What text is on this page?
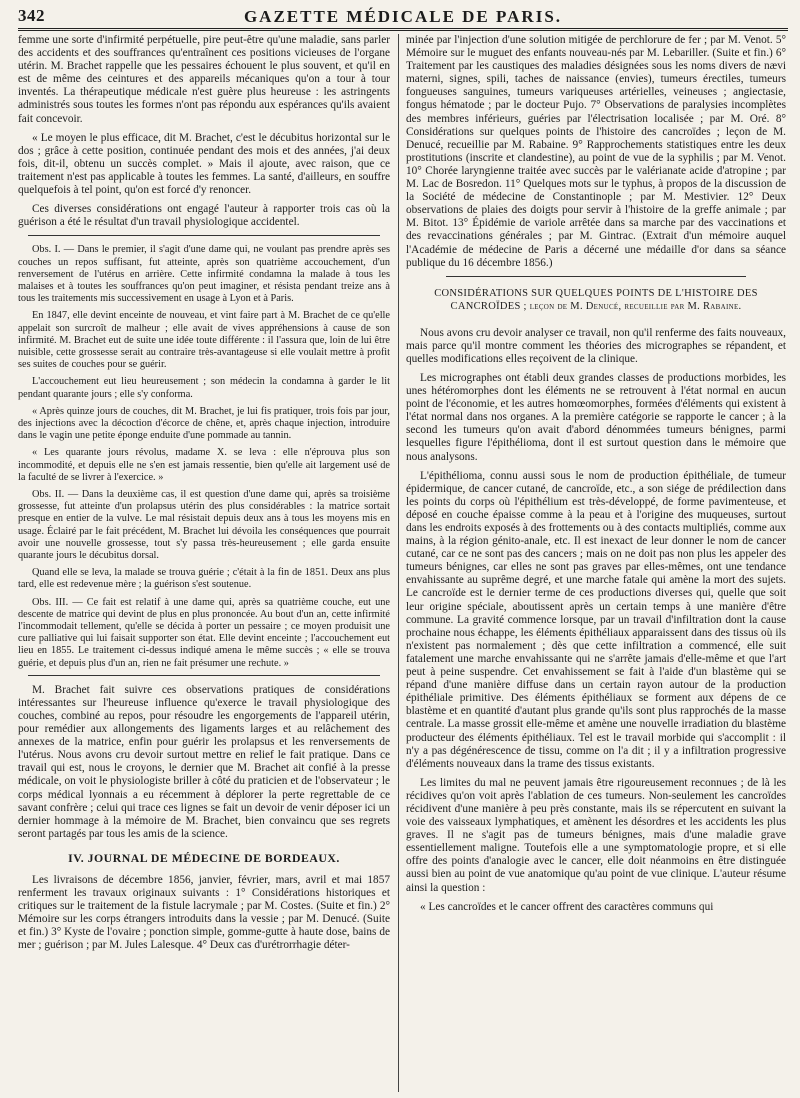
342	GAZETTE MÉDICALE DE PARIS.

femme une sorte d'infirmité perpétuelle, pire peut-être qu'une maladie, sans parler des accidents et des souffrances qu'entraînent ces positions vicieuses de l'organe utérin. M. Brachet rappelle que les pessaires échouent le plus souvent, et qu'il en est de même des ceintures et des appareils mécaniques qu'on a tour à tour inventés. La thérapeutique médicale n'est guère plus heureuse : les astringents administrés sous toutes les formes n'ont pas répondu aux espérances qu'ils avaient fait concevoir.

« Le moyen le plus efficace, dit M. Brachet, c'est le décubitus horizontal sur le dos ; grâce à cette position, continuée pendant des mois et des années, j'ai deux fois, dit-il, obtenu un succès complet. » Mais il ajoute, avec raison, que ce traitement n'est pas applicable à toutes les femmes. La santé, d'ailleurs, en souffre quelquefois à tel point, qu'on est forcé d'y renoncer.

Ces diverses considérations ont engagé l'auteur à rapporter trois cas où la guérison a été le résultat d'un travail physiologique accidentel.

Obs. I. — Dans le premier, il s'agit d'une dame qui, ne voulant pas prendre après ses couches un repos suffisant, fut atteinte, après son quatrième accouchement, d'un renversement de l'utérus en arrière. Cette infirmité condamna la malade à tous les malaises et à toutes les souffrances qu'on peut imaginer, et résista pendant treize ans à tous les traitements mis successivement en usage à Lyon et à Paris.

En 1847, elle devint enceinte de nouveau, et vint faire part à M. Brachet de ce qu'elle appelait son surcroît de malheur ; elle avait de vives appréhensions à cause de son infirmité. M. Brachet eut de suite une idée toute différente : il l'assura que, loin de lui être nuisible, cette grossesse serait au contraire très-avantageuse si elle voulait mettre à profit ses suites de couches pour se guérir.

L'accouchement eut lieu heureusement ; son médecin la condamna à garder le lit pendant quarante jours ; elle s'y conforma.

« Après quinze jours de couches, dit M. Brachet, je lui fis pratiquer, trois fois par jour, des injections avec la décoction d'écorce de chêne, et, après chaque injection, introduire dans le vagin une petite éponge enduite d'une pommade au tannin.

« Les quarante jours révolus, madame X. se leva : elle n'éprouva plus son incommodité, et depuis elle ne s'en est jamais ressentie, bien qu'elle ait largement usé de la faculté de se livrer à l'exercice. »

Obs. II. — Dans la deuxième cas, il est question d'une dame qui, après sa troisième grossesse, fut atteinte d'un prolapsus utérin des plus considérables : la matrice sortait presque en entier de la vulve. Le mal résistait depuis deux ans à tous les moyens mis en usage. Éclairé par le fait précédent, M. Brachet lui dévoila les conséquences que pourrait avoir une nouvelle grossesse, tout s'y passa très-heureusement ; elle garda ensuite quarante jours le décubitus dorsal.

Quand elle se leva, la malade se trouva guérie ; c'était à la fin de 1851. Deux ans plus tard, elle est redevenue mère ; la guérison s'est soutenue.

Obs. III. — Ce fait est relatif à une dame qui, après sa quatrième couche, eut une descente de matrice qui devint de plus en plus prononcée. Au bout d'un an, cette infirmité l'incommodait tellement, qu'elle se décida à porter un pessaire ; ce moyen produisit une cure palliative qui lui faisait supporter son état. Elle devint enceinte ; l'accouchement eut lieu en 1855. Le traitement ci-dessus indiqué amena le même succès ; « elle se trouva guérie, et depuis plus d'un an, rien ne fait présumer une rechute. »

M. Brachet fait suivre ces observations pratiques de considérations intéressantes sur l'heureuse influence qu'exerce le travail physiologique des couches, combiné au repos, pour résoudre les engorgements de l'appareil utérin, pour remédier aux allongements des ligaments larges et au relâchement des annexes de la matrice, enfin pour guérir les prolapsus et les renversements de l'utérus. Nous avons cru devoir surtout mettre en relief le fait pratique. Dans ce travail qui est, nous le croyons, le dernier que M. Brachet ait confié à la presse médicale, on voit le physiologiste briller à côté du praticien et de l'observateur ; le corps médical lyonnais a eu récemment à déplorer la perte regrettable de ce savant confrère ; celui qui trace ces lignes se fait un devoir de venir déposer ici un dernier hommage à la mémoire de M. Brachet, bien convaincu que ses regrets seront partagés par tous les amis de la science.

IV. JOURNAL DE MÉDECINE DE BORDEAUX.

Les livraisons de décembre 1856, janvier, février, mars, avril et mai 1857 renferment les travaux originaux suivants : 1° Considérations historiques et critiques sur le traitement de la fistule lacrymale ; par M. Costes. (Suite et fin.) 2° Mémoire sur les corps étrangers introduits dans la vessie ; par M. Denucé. (Suite et fin.) 3° Kyste de l'ovaire ; ponction simple, gomme-gutte à haute dose, bains de mer ; guérison ; par M. Jules Lalesque. 4° Deux cas d'urétrorrhagie déter-

minée par l'injection d'une solution mitigée de perchlorure de fer ; par M. Venot. 5° Mémoire sur le muguet des enfants nouveau-nés par M. Lebariller. (Suite et fin.) 6° Traitement par les caustiques des maladies désignées sous les noms divers de nævi materni, signes, spili, taches de naissance (envies), tumeurs érectiles, tumeurs fongueuses sanguines, tumeurs variqueuses artérielles, veineuses ; angiectasie, fongus hématode ; par le docteur Pujo. 7° Observations de paralysies incomplètes des membres inférieurs, guéries par l'électrisation localisée ; par M. Oré. 8° Considérations sur quelques points de l'histoire des cancroïdes ; leçon de M. Denucé, recueillie par M. Rabaine. 9° Rapprochements statistiques entre les deux prostitutions (inscrite et clandestine), au point de vue de la syphilis ; par M. Venot. 10° Chorée laryngienne traitée avec succès par le valérianate acide d'atropine ; par M. Lac de Bosredon. 11° Quelques mots sur le typhus, à propos de la discussion de la Société de médecine de Constantinople ; par M. Mestivier. 12° Deux observations de plaies des doigts pour servir à l'histoire de la greffe animale ; par M. Bitot. 13° Épidémie de variole arrêtée dans sa marche par des vaccinations et des revaccinations générales ; par M. Gintrac. (Extrait d'un mémoire auquel l'Académie de médecine de Paris a décerné une médaille d'or dans sa séance publique du 16 décembre 1856.)

CONSIDÉRATIONS SUR QUELQUES POINTS DE L'HISTOIRE DES CANCROÏDES ; leçon de M. Denucé, recueillie par M. Rabaine.

Nous avons cru devoir analyser ce travail, non qu'il renferme des faits nouveaux, mais parce qu'il montre comment les théories des micrographes se répandent, et quelles modifications elles reçoivent de la clinique.

Les micrographes ont établi deux grandes classes de productions morbides, les unes hétéromorphes dont les éléments ne se retrouvent à l'état normal en aucun point de l'économie, et les autres homœomorphes, formées d'éléments qui existent à l'état normal dans nos organes. A la première catégorie se rapporte le cancer ; à la second les tumeurs qu'on avait d'abord dénommées tumeurs bénignes, parmi lesquelles figure l'épithélioma, dont il est surtout question dans le mémoire que nous analysons.

L'épithélioma, connu aussi sous le nom de production épithéliale, de tumeur épidermique, de cancer cutané, de cancroïde, etc., a son siége de prédilection dans les points du corps où l'épithélium est très-développé, de forme pavimenteuse, et déposé en couche épaisse comme à la peau et à l'origine des muqueuses, surtout dans les endroits exposés à des frottements ou à des contacts multipliés, comme aux mains, à la région génito-anale, etc. Il est inexact de leur donner le nom de cancer cutané, car ce ne sont pas des cancers ; mais on ne doit pas non plus les appeler des tumeurs bénignes, car elles ne sont pas graves par elles-mêmes, ont une tendance envahissante au suprême degré, et une marche fatale qui amène la mort des sujets. Le cancroïde est le dernier terme de ces productions diverses qui, quelle que soit leur origine spéciale, aboutissent après un certain temps à une manière d'être commune. La gravité commence lorsque, par un travail d'infiltration dont la cause prochaine nous échappe, les éléments épithéliaux apparaissent dans des tissus où ils n'existent pas normalement ; dès que cette infiltration a commencé, elle suit fatalement une marche envahissante qui ne s'arrête jamais d'elle-même et que l'art peut à peine suspendre. Cet envahissement se fait à l'aide d'un blastème qui se répand d'une manière diffuse dans un certain rayon autour de la production épithéliale primitive. Des éléments épithéliaux se forment aux dépens de ce blastème et en quantité d'autant plus grande qu'ils sont plus rapprochés de la masse centrale. La masse grossit elle-même et amène une nouvelle irradiation du blastème producteur des éléments épithéliaux. Tel est le travail morbide qui s'accomplit : il n'y a pas dégénérescence de tissu, comme on l'a dit ; il y a infiltration progressive d'éléments nouveaux dans la trame des tissus existants.

Les limites du mal ne peuvent jamais être rigoureusement reconnues ; de là les récidives qu'on voit après l'ablation de ces tumeurs. Non-seulement les cancroïdes récidivent d'une manière à peu près constante, mais ils se répercutent en suivant la voie des vaisseaux lymphatiques, et amènent les désordres et les accidents les plus graves. Il ne s'agit pas de tumeurs bénignes, mais d'une maladie grave essentiellement maligne. Toutefois elle a une symptomatologie propre, et si elle offre des points d'analogie avec le cancer, elle doit néanmoins en être distinguée aussi bien au point de vue anatomique qu'au point de vue clinique. L'auteur résume ainsi la question :

« Les cancroïdes et le cancer offrent des caractères communs qui
